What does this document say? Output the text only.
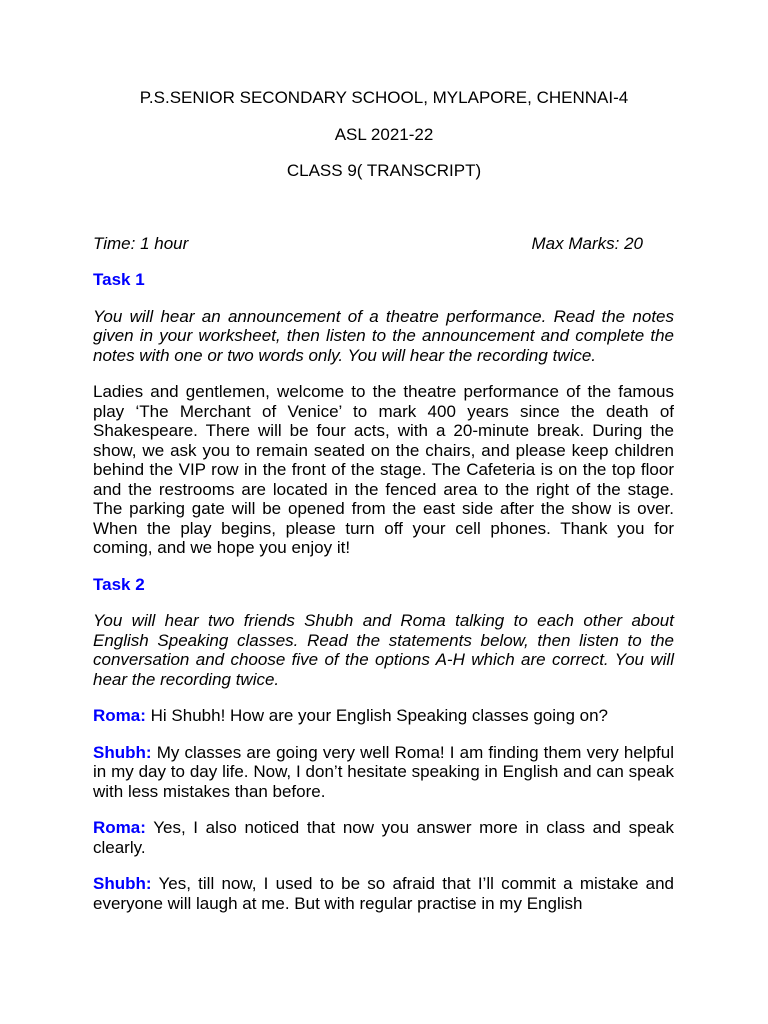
P.S.SENIOR SECONDARY SCHOOL, MYLAPORE, CHENNAI-4

ASL 2021-22

CLASS 9( TRANSCRIPT)

Time: 1 hour	Max Marks: 20

Task 1

You will hear an announcement of a theatre performance. Read the notes given in your worksheet, then listen to the announcement and complete the notes with one or two words only. You will hear the recording twice.

Ladies and gentlemen, welcome to the theatre performance of the famous play ‘The Merchant of Venice’ to mark 400 years since the death of Shakespeare. There will be four acts, with a 20-minute break. During the show, we ask you to remain seated on the chairs, and please keep children behind the VIP row in the front of the stage. The Cafeteria is on the top floor and the restrooms are located in the fenced area to the right of the stage. The parking gate will be opened from the east side after the show is over. When the play begins, please turn off your cell phones. Thank you for coming, and we hope you enjoy it!

Task 2

You will hear two friends Shubh and Roma talking to each other about English Speaking classes. Read the statements below, then listen to the conversation and choose five of the options A-H which are correct. You will hear the recording twice.

Roma: Hi Shubh! How are your English Speaking classes going on?

Shubh: My classes are going very well Roma! I am finding them very helpful in my day to day life. Now, I don’t hesitate speaking in English and can speak with less mistakes than before.

Roma: Yes, I also noticed that now you answer more in class and speak clearly.

Shubh: Yes, till now, I used to be so afraid that I’ll commit a mistake and everyone will laugh at me. But with regular practise in my English
